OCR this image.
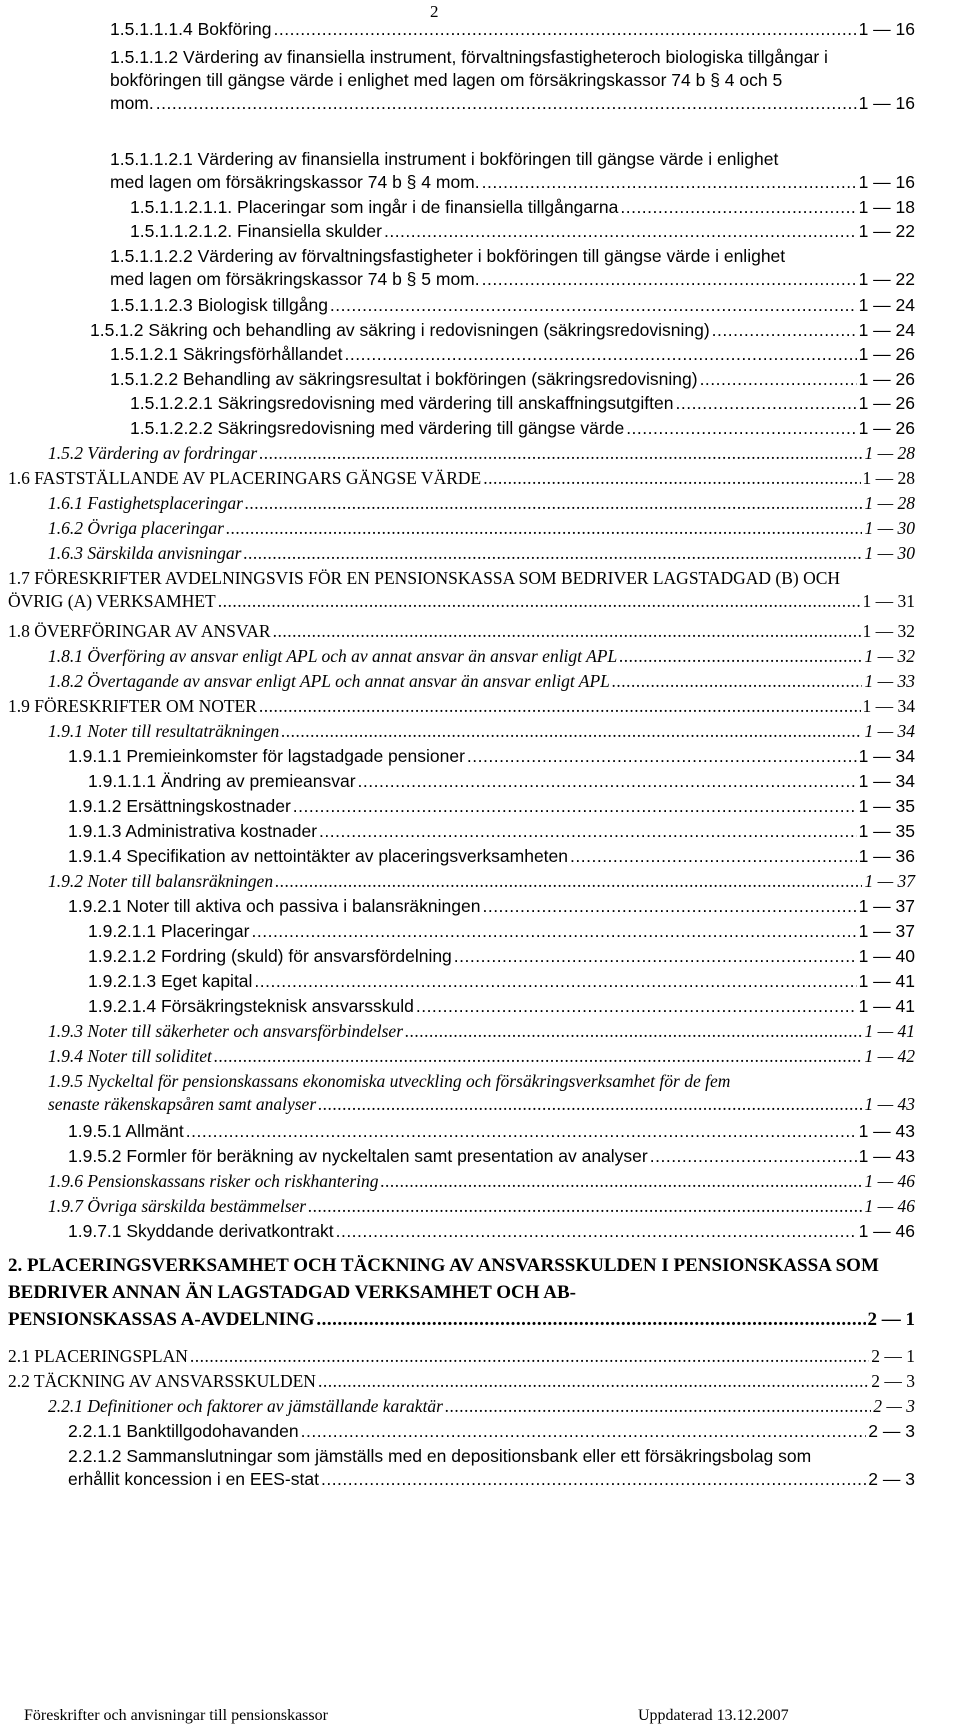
2
1.5.1.1.1.4 Bokföring .....	1 — 16
1.5.1.1.2 Värdering av finansiella instrument, förvaltningsfastigheteroch biologiska tillgångar i bokföringen till gängse värde i enlighet med lagen om försäkringskassor 74 b § 4 och 5
mom. .....	1 — 16
1.5.1.1.2.1 Värdering av finansiella instrument i bokföringen till gängse värde i enlighet
med lagen om försäkringskassor 74 b § 4 mom. .....	1 — 16
1.5.1.1.2.1.1. Placeringar som ingår i de finansiella tillgångarna .....	1 — 18
1.5.1.1.2.1.2. Finansiella skulder .....	1 — 22
1.5.1.1.2.2 Värdering av förvaltningsfastigheter i bokföringen till gängse värde i enlighet
med lagen om försäkringskassor 74 b § 5 mom. .....	1 — 22
1.5.1.1.2.3 Biologisk tillgång .....	1 — 24
1.5.1.2 Säkring och behandling av säkring i redovisningen (säkringsredovisning) .....	1 — 24
1.5.1.2.1 Säkringsförhållandet .....	1 — 26
1.5.1.2.2 Behandling av säkringsresultat i bokföringen (säkringsredovisning) .....	1 — 26
1.5.1.2.2.1 Säkringsredovisning med värdering till anskaffningsutgiften .....	1 — 26
1.5.1.2.2.2 Säkringsredovisning med värdering till gängse värde .....	1 — 26
1.5.2 Värdering av fordringar .....	1 — 28
1.6 FASTSTÄLLANDE AV PLACERINGARS GÄNGSE VÄRDE .....	1 — 28
1.6.1 Fastighetsplaceringar .....	1 — 28
1.6.2 Övriga placeringar .....	1 — 30
1.6.3 Särskilda anvisningar .....	1 — 30
1.7 FÖRESKRIFTER AVDELNINGSVIS FÖR EN PENSIONSKASSA SOM BEDRIVER LAGSTADGAD (B) OCH
ÖVRIG (A) VERKSAMHET .....	1 — 31
1.8 ÖVERFÖRINGAR AV ANSVAR .....	1 — 32
1.8.1 Överföring av ansvar enligt APL och av annat ansvar än ansvar enligt APL .....	1 — 32
1.8.2 Övertagande av ansvar enligt APL och annat ansvar än ansvar enligt APL .....	1 — 33
1.9 FÖRESKRIFTER OM NOTER .....	1 — 34
1.9.1 Noter till resultaträkningen .....	1 — 34
1.9.1.1 Premieinkomster för lagstadgade pensioner .....	1 — 34
1.9.1.1.1 Ändring av premieansvar .....	1 — 34
1.9.1.2 Ersättningskostnader .....	1 — 35
1.9.1.3 Administrativa kostnader .....	1 — 35
1.9.1.4 Specifikation av nettointäkter av placeringsverksamheten .....	1 — 36
1.9.2 Noter till balansräkningen .....	1 — 37
1.9.2.1 Noter till aktiva och passiva i balansräkningen .....	1 — 37
1.9.2.1.1 Placeringar .....	1 — 37
1.9.2.1.2 Fordring (skuld) för ansvarsfördelning .....	1 — 40
1.9.2.1.3 Eget kapital .....	1 — 41
1.9.2.1.4 Försäkringsteknisk ansvarsskuld .....	1 — 41
1.9.3 Noter till säkerheter och ansvarsförbindelser .....	1 — 41
1.9.4 Noter till soliditet .....	1 — 42
1.9.5 Nyckeltal för pensionskassans ekonomiska utveckling och försäkringsverksamhet för de fem
senaste räkenskapsåren samt analyser .....	1 — 43
1.9.5.1 Allmänt .....	1 — 43
1.9.5.2 Formler för beräkning av nyckeltalen samt presentation av analyser .....	1 — 43
1.9.6 Pensionskassans risker och riskhantering .....	1 — 46
1.9.7 Övriga särskilda bestämmelser .....	1 — 46
1.9.7.1 Skyddande derivatkontrakt .....	1 — 46
2. PLACERINGSVERKSAMHET OCH TÄCKNING AV ANSVARSSKULDEN I PENSIONSKASSA SOM BEDRIVER ANNAN ÄN LAGSTADGAD VERKSAMHET OCH AB-
PENSIONSKASSAS A-AVDELNING .....	2 — 1
2.1 PLACERINGSPLAN .....	2 — 1
2.2 TÄCKNING AV ANSVARSSKULDEN .....	2 — 3
2.2.1 Definitioner och faktorer av jämställande karaktär .....	2 — 3
2.2.1.1 Banktillgodohavanden .....	2 — 3
2.2.1.2 Sammanslutningar som jämställs med en depositionsbank eller ett försäkringsbolag som
erhållit koncession i en EES-stat .....	2 — 3
Föreskrifter och anvisningar till pensionskassor	Uppdaterad 13.12.2007
